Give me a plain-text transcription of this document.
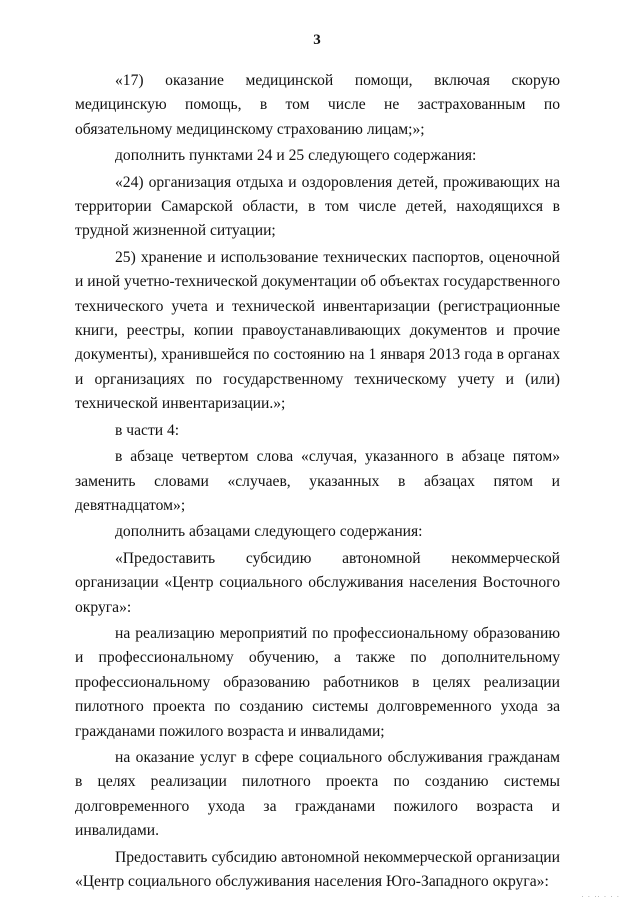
3

«17) оказание медицинской помощи, включая скорую медицинскую помощь, в том числе не застрахованным по обязательному медицинскому страхованию лицам;»;

дополнить пунктами 24 и 25 следующего содержания:

«24) организация отдыха и оздоровления детей, проживающих на территории Самарской области, в том числе детей, находящихся в трудной жизненной ситуации;

25) хранение и использование технических паспортов, оценочной и иной учетно-технической документации об объектах государственного технического учета и технической инвентаризации (регистрационные книги, реестры, копии правоустанавливающих документов и прочие документы), хранившейся по состоянию на 1 января 2013 года в органах и организациях по государственному техническому учету и (или) технической инвентаризации.»;

в части 4:

в абзаце четвертом слова «случая, указанного в абзаце пятом» заменить словами «случаев, указанных в абзацах пятом и девятнадцатом»;

дополнить абзацами следующего содержания:

«Предоставить субсидию автономной некоммерческой организации «Центр социального обслуживания населения Восточного округа»:

на реализацию мероприятий по профессиональному образованию и профессиональному обучению, а также по дополнительному профессиональному образованию работников в целях реализации пилотного проекта по созданию системы долговременного ухода за гражданами пожилого возраста и инвалидами;

на оказание услуг в сфере социального обслуживания гражданам в целях реализации пилотного проекта по созданию системы долговременного ухода за гражданами пожилого возраста и инвалидами.

Предоставить субсидию автономной некоммерческой организации «Центр социального обслуживания населения Юго-Западного округа»:

· · ·· · · ·
